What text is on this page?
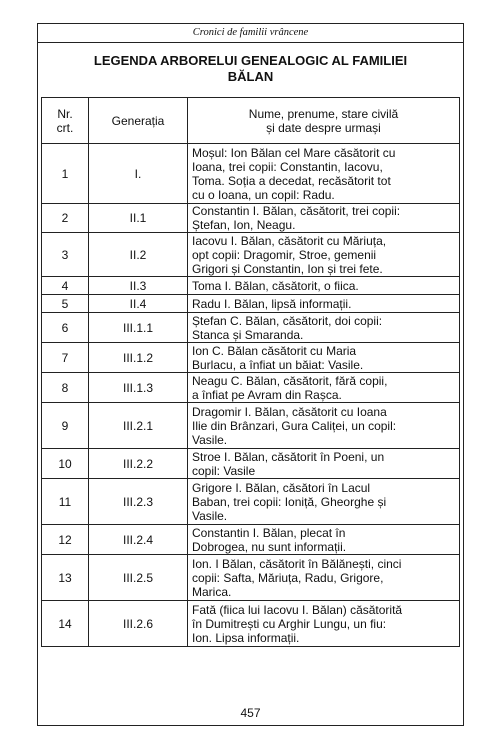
Cronici de familii vrâncene
LEGENDA ARBORELUI GENEALOGIC AL FAMILIEI
BĂLAN
Nr.
crt.	Generația	Nume, prenume, stare civilă
și date despre urmași
1	I.	Moșul: Ion Bălan cel Mare căsătorit cu
Ioana, trei copii: Constantin, Iacovu,
Toma. Soția a decedat, recăsătorit tot
cu o Ioana, un copil: Radu.
2	II.1	Constantin I. Bălan, căsătorit, trei copii:
Ștefan, Ion, Neagu.
3	II.2	Iacovu I. Bălan, căsătorit cu Măriuța,
opt copii: Dragomir, Stroe, gemenii
Grigori și Constantin, Ion și trei fete.
4	II.3	Toma I. Bălan, căsătorit, o fiica.
5	II.4	Radu I. Bălan, lipsă informații.
6	III.1.1	Ștefan C. Bălan, căsătorit, doi copii:
Stanca și Smaranda.
7	III.1.2	Ion C. Bălan căsătorit cu Maria
Burlacu, a înfiat un băiat: Vasile.
8	III.1.3	Neagu C. Bălan, căsătorit, fără copii,
a înfiat pe Avram din Rașca.
9	III.2.1	Dragomir I. Bălan, căsătorit cu Ioana
Ilie din Brânzari, Gura Caliței, un copil:
Vasile.
10	III.2.2	Stroe I. Bălan, căsătorit în Poeni, un
copil: Vasile
11	III.2.3	Grigore I. Bălan, căsători în Lacul
Baban, trei copii: Ioniță, Gheorghe și
Vasile.
12	III.2.4	Constantin I. Bălan, plecat în
Dobrogea, nu sunt informații.
13	III.2.5	Ion. I Bălan, căsătorit în Bălănești, cinci
copii: Safta, Măriuța, Radu, Grigore,
Marica.
14	III.2.6	Fată (fiica lui Iacovu I. Bălan) căsătorită
în Dumitrești cu Arghir Lungu, un fiu:
Ion. Lipsa informații.
457
